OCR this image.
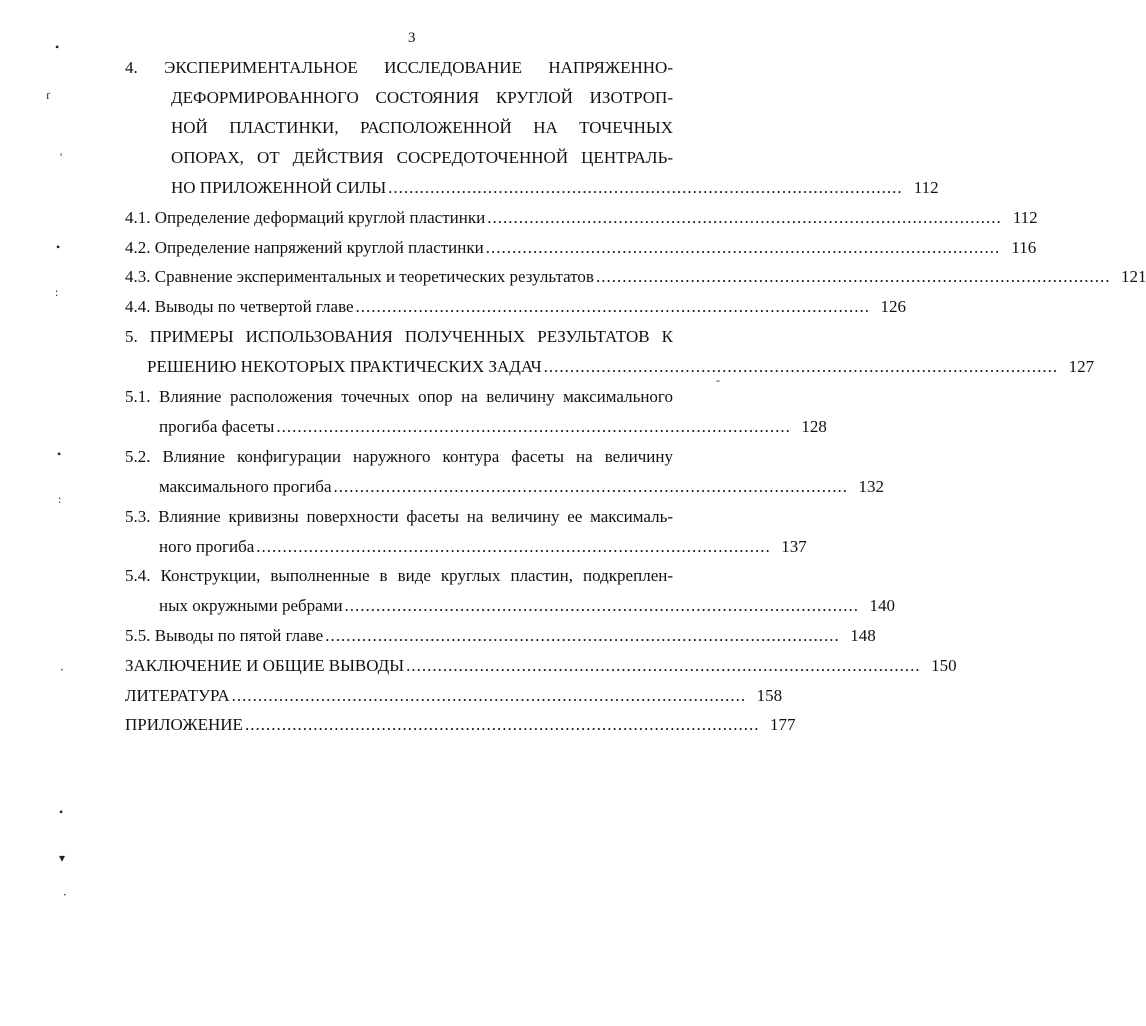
3
4. ЭКСПЕРИМЕНТАЛЬНОЕ ИССЛЕДОВАНИЕ НАПРЯЖЕННО-
ДЕФОРМИРОВАННОГО СОСТОЯНИЯ КРУГЛОЙ ИЗОТРОП-
НОЙ ПЛАСТИНКИ, РАСПОЛОЖЕННОЙ НА ТОЧЕЧНЫХ
ОПОРАХ, ОТ ДЕЙСТВИЯ СОСРЕДОТОЧЕННОЙ ЦЕНТРАЛЬ-
НО ПРИЛОЖЕННОЙ СИЛЫ .................................................................................................. 112
4.1. Определение деформаций круглой пластинки .................................................................................................. 112
4.2. Определение напряжений круглой пластинки .................................................................................................. 116
4.3. Сравнение экспериментальных и теоретических результатов .................................................................................................. 121
4.4. Выводы по четвертой главе .................................................................................................. 126
5. ПРИМЕРЫ ИСПОЛЬЗОВАНИЯ ПОЛУЧЕННЫХ РЕЗУЛЬТАТОВ К
РЕШЕНИЮ НЕКОТОРЫХ ПРАКТИЧЕСКИХ ЗАДАЧ .................................................................................................. 127
5.1. Влияние расположения точечных опор на величину максимального
прогиба фасеты .................................................................................................. 128
5.2. Влияние конфигурации наружного контура фасеты на величину
максимального прогиба .................................................................................................. 132
5.3. Влияние кривизны поверхности фасеты на величину ее максималь-
ного прогиба .................................................................................................. 137
5.4. Конструкции, выполненные в виде круглых пластин, подкреплен-
ных окружными ребрами .................................................................................................. 140
5.5. Выводы по пятой главе .................................................................................................. 148
ЗАКЛЮЧЕНИЕ И ОБЩИЕ ВЫВОДЫ .................................................................................................. 150
ЛИТЕРАТУРА .................................................................................................. 158
ПРИЛОЖЕНИЕ .................................................................................................. 177
•
ґ
'
•
:
•
:
‧
•
▾
‧
-
